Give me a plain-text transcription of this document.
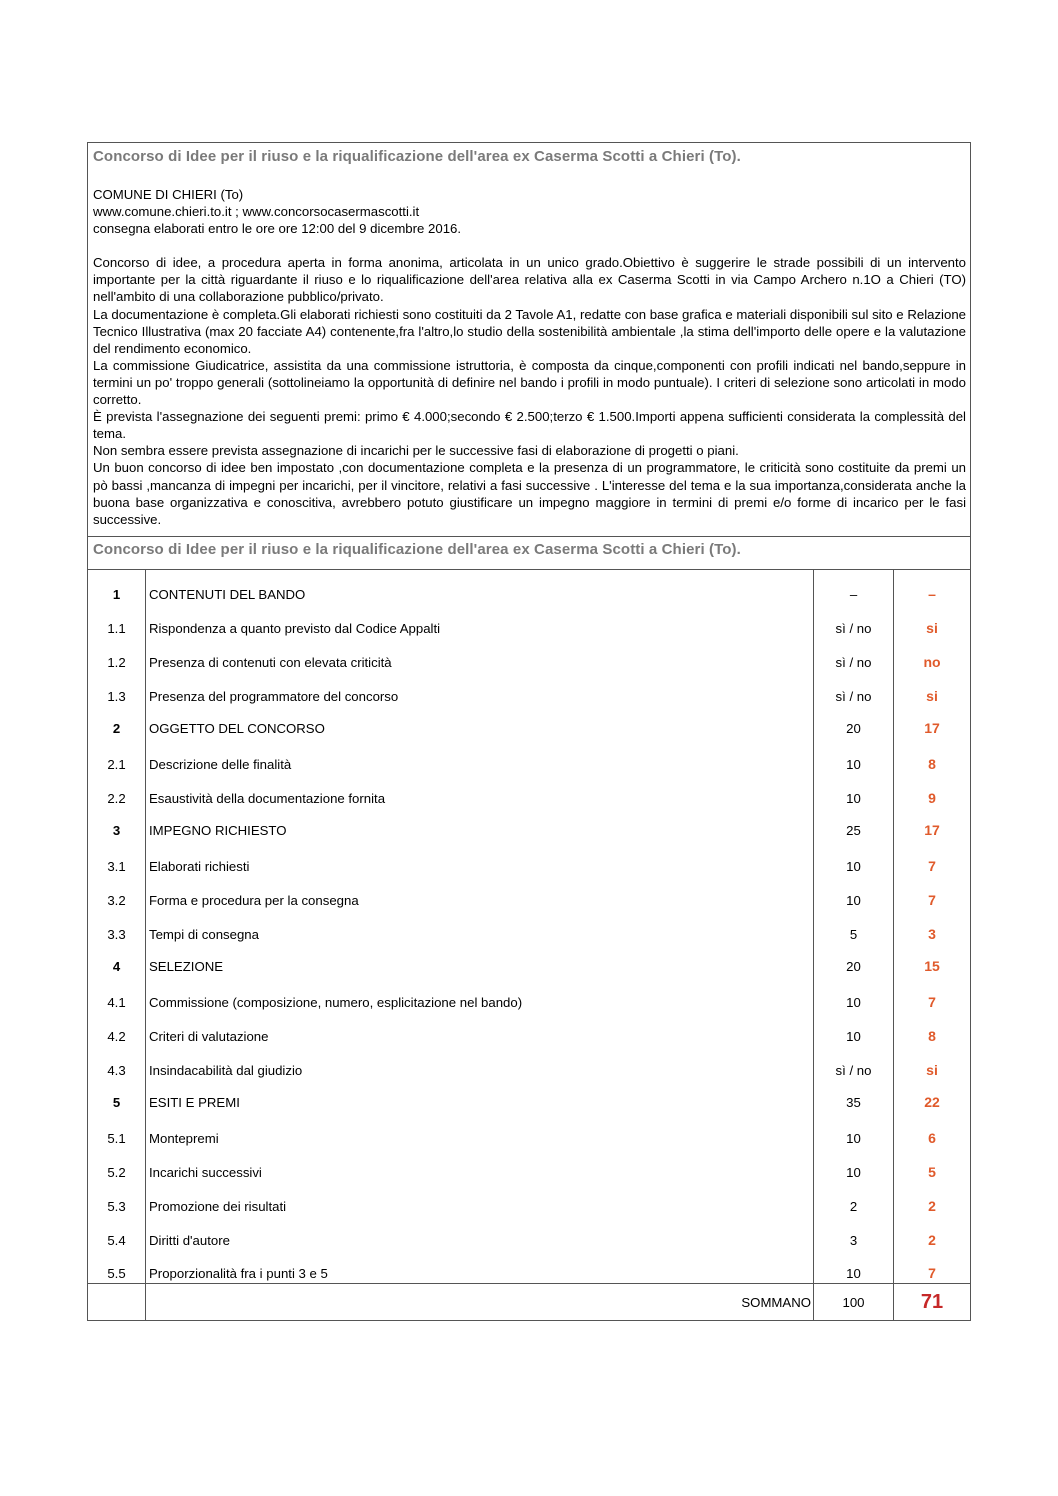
Concorso di Idee per il riuso e la riqualificazione dell'area ex Caserma Scotti a Chieri (To).
COMUNE DI CHIERI (To)
www.comune.chieri.to.it ; www.concorsocasermascotti.it
consegna elaborati entro le ore ore 12:00 del 9 dicembre 2016.

Concorso di idee, a procedura aperta in forma anonima, articolata in un unico grado.Obiettivo è suggerire le strade possibili di un intervento importante per la città riguardante il riuso e lo riqualificazione dell'area relativa alla ex Caserma Scotti in via Campo Archero n.1O a Chieri (TO) nell'ambito di una collaborazione pubblico/privato.

La documentazione è completa.Gli elaborati richiesti sono costituiti da 2 Tavole A1, redatte con base grafica e materiali disponibili sul sito e Relazione Tecnico Illustrativa (max 20 facciate A4) contenente,fra l'altro,lo studio della sostenibilità ambientale ,la stima dell'importo delle opere e la valutazione del rendimento economico.

La commissione Giudicatrice, assistita da una commissione istruttoria, è composta da cinque,componenti con profili indicati nel bando,seppure in termini un po' troppo generali (sottolineiamo la opportunità di definire nel bando i profili in modo puntuale). I criteri di selezione sono articolati in modo corretto.

È prevista l'assegnazione dei seguenti premi: primo € 4.000;secondo € 2.500;terzo € 1.500.Importi appena sufficienti considerata la complessità del tema.

Non sembra essere prevista assegnazione di incarichi per le successive fasi di elaborazione di progetti o piani.

Un buon concorso di idee ben impostato ,con documentazione completa e la presenza di un programmatore, le criticità sono costituite da premi un pò bassi ,mancanza di impegni per incarichi, per il vincitore, relativi a fasi successive . L'interesse del tema e la sua importanza,considerata anche la buona base organizzativa e conoscitiva, avrebbero potuto giustificare un impegno maggiore in termini di premi e/o forme di incarico per le fasi successive.

Concorso di Idee per il riuso e la riqualificazione dell'area ex Caserma Scotti a Chieri (To).
1	CONTENUTI DEL BANDO	–	–
1.1	Rispondenza a quanto previsto dal Codice Appalti	sì / no	si
1.2	Presenza di contenuti con elevata criticità	sì / no	no
1.3	Presenza del programmatore del concorso	sì / no	si
2	OGGETTO DEL CONCORSO	20	17
2.1	Descrizione delle finalità	10	8
2.2	Esaustività della documentazione fornita	10	9
3	IMPEGNO RICHIESTO	25	17
3.1	Elaborati richiesti	10	7
3.2	Forma e procedura per la consegna	10	7
3.3	Tempi di consegna	5	3
4	SELEZIONE	20	15
4.1	Commissione (composizione, numero, esplicitazione nel bando)	10	7
4.2	Criteri di valutazione	10	8
4.3	Insindacabilità dal giudizio	sì / no	si
5	ESITI E PREMI	35	22
5.1	Montepremi	10	6
5.2	Incarichi successivi	10	5
5.3	Promozione dei risultati	2	2
5.4	Diritti d'autore	3	2
5.5	Proporzionalità fra i punti 3 e 5	10	7
	SOMMANO	100	71
